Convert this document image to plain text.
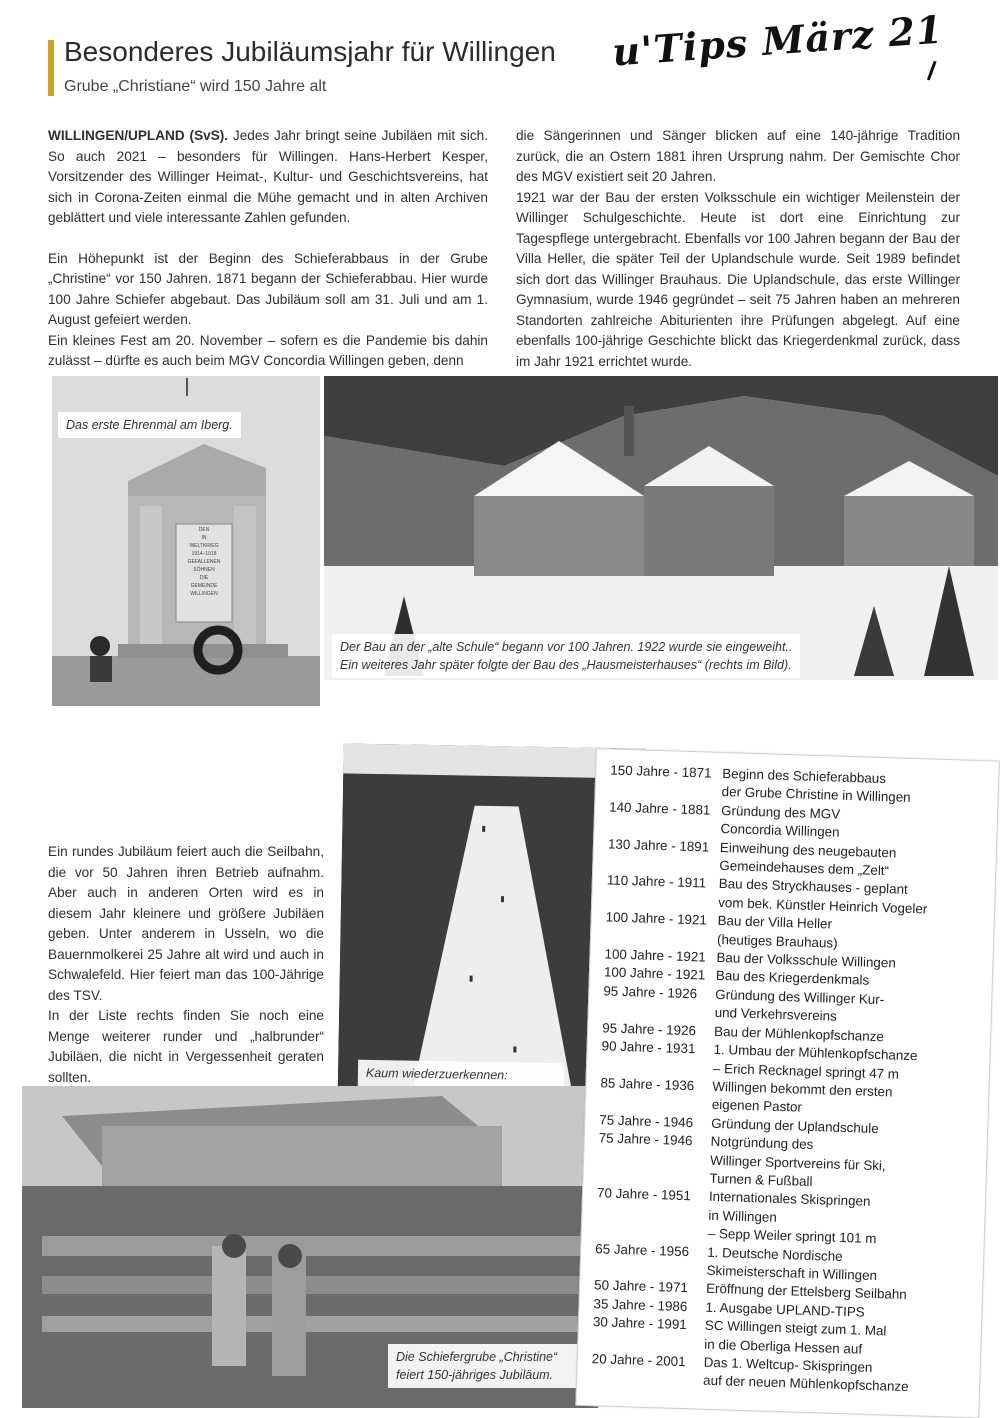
Besonderes Jubiläumsjahr für Willingen
Grube „Christiane“ wird 150 Jahre alt
u'Tips März 21
WILLINGEN/UPLAND (SvS). Jedes Jahr bringt seine Jubiläen mit sich. So auch 2021 – besonders für Willingen. Hans-Herbert Kesper, Vorsitzender des Willinger Heimat-, Kultur- und Geschichtsvereins, hat sich in Corona-Zeiten einmal die Mühe gemacht und in alten Archiven geblättert und viele interessante Zahlen gefunden.
Ein Höhepunkt ist der Beginn des Schieferabbaus in der Grube „Christine“ vor 150 Jahren. 1871 begann der Schieferabbau. Hier wurde 100 Jahre Schiefer abgebaut. Das Jubiläum soll am 31. Juli und am 1. August gefeiert werden.
Ein kleines Fest am 20. November – sofern es die Pandemie bis dahin zulässt – dürfte es auch beim MGV Concordia Willingen geben, denn
die Sängerinnen und Sänger blicken auf eine 140-jährige Tradition zurück, die an Ostern 1881 ihren Ursprung nahm. Der Gemischte Chor des MGV existiert seit 20 Jahren.
1921 war der Bau der ersten Volksschule ein wichtiger Meilenstein der Willinger Schulgeschichte. Heute ist dort eine Einrichtung zur Tagespflege untergebracht. Ebenfalls vor 100 Jahren begann der Bau der Villa Heller, die später Teil der Uplandschule wurde. Seit 1989 befindet sich dort das Willinger Brauhaus. Die Uplandschule, das erste Willinger Gymnasium, wurde 1946 gegründet – seit 75 Jahren haben an mehreren Standorten zahlreiche Abiturienten ihre Prüfungen abgelegt. Auf eine ebenfalls 100-jährige Geschichte blickt das Kriegerdenkmal zurück, dass im Jahr 1921 errichtet wurde.
Das erste Ehrenmal am Iberg.
DEN
IN
WELTKRIEG
1914–1918
GEFALLENEN
SÖHNEN
DIE
GEMEINDE
WILLINGEN
Der Bau an der „alte Schule“ begann vor 100 Jahren. 1922 wurde sie eingeweiht..
Ein weiteres Jahr später folgte der Bau des „Hausmeisterhauses“ (rechts im Bild).
Ein rundes Jubiläum feiert auch die Seilbahn, die vor 50 Jahren ihren Betrieb aufnahm. Aber auch in anderen Orten wird es in diesem Jahr kleinere und größere Jubiläen geben. Unter anderem in Usseln, wo die Bauernmolkerei 25 Jahre alt wird und auch in Schwalefeld. Hier feiert man das 100-Jährige des TSV.
In der Liste rechts finden Sie noch eine Menge weiterer runder und „halbrunder“ Jubiläen, die nicht in Vergessenheit geraten sollten.	Kaum wiederzuerkennen:
Die Schiefergrube „Christine“
feiert 150-jähriges Jubiläum.
150 Jahre - 1871 Beginn des Schieferabbaus
der Grube Christine in Willingen
140 Jahre - 1881 Gründung des MGV
Concordia Willingen
130 Jahre - 1891 Einweihung des neugebauten
Gemeindehauses dem „Zelt“
110 Jahre - 1911 Bau des Stryckhauses - geplant
vom bek. Künstler Heinrich Vogeler
100 Jahre - 1921 Bau der Villa Heller
(heutiges Brauhaus)
100 Jahre - 1921 Bau der Volksschule Willingen
100 Jahre - 1921 Bau des Kriegerdenkmals
95 Jahre - 1926	Gründung des Willinger Kur-
und Verkehrsvereins
95 Jahre - 1926	Bau der Mühlenkopfschanze
90 Jahre - 1931	1. Umbau der Mühlenkopfschanze
– Erich Recknagel springt 47 m
85 Jahre - 1936	Willingen bekommt den ersten
eigenen Pastor
75 Jahre - 1946	Gründung der Uplandschule
75 Jahre - 1946	Notgründung des
Willinger Sportvereins für Ski,
Turnen & Fußball
70 Jahre - 1951	Internationales Skispringen
in Willingen
– Sepp Weiler springt 101 m
65 Jahre - 1956	1. Deutsche Nordische
Skimeisterschaft in Willingen
50 Jahre - 1971	Eröffnung der Ettelsberg Seilbahn
35 Jahre - 1986	1. Ausgabe UPLAND-TIPS
30 Jahre - 1991	SC Willingen steigt zum 1. Mal
in die Oberliga Hessen auf
20 Jahre - 2001	Das 1. Weltcup- Skispringen
auf der neuen Mühlenkopfschanze
